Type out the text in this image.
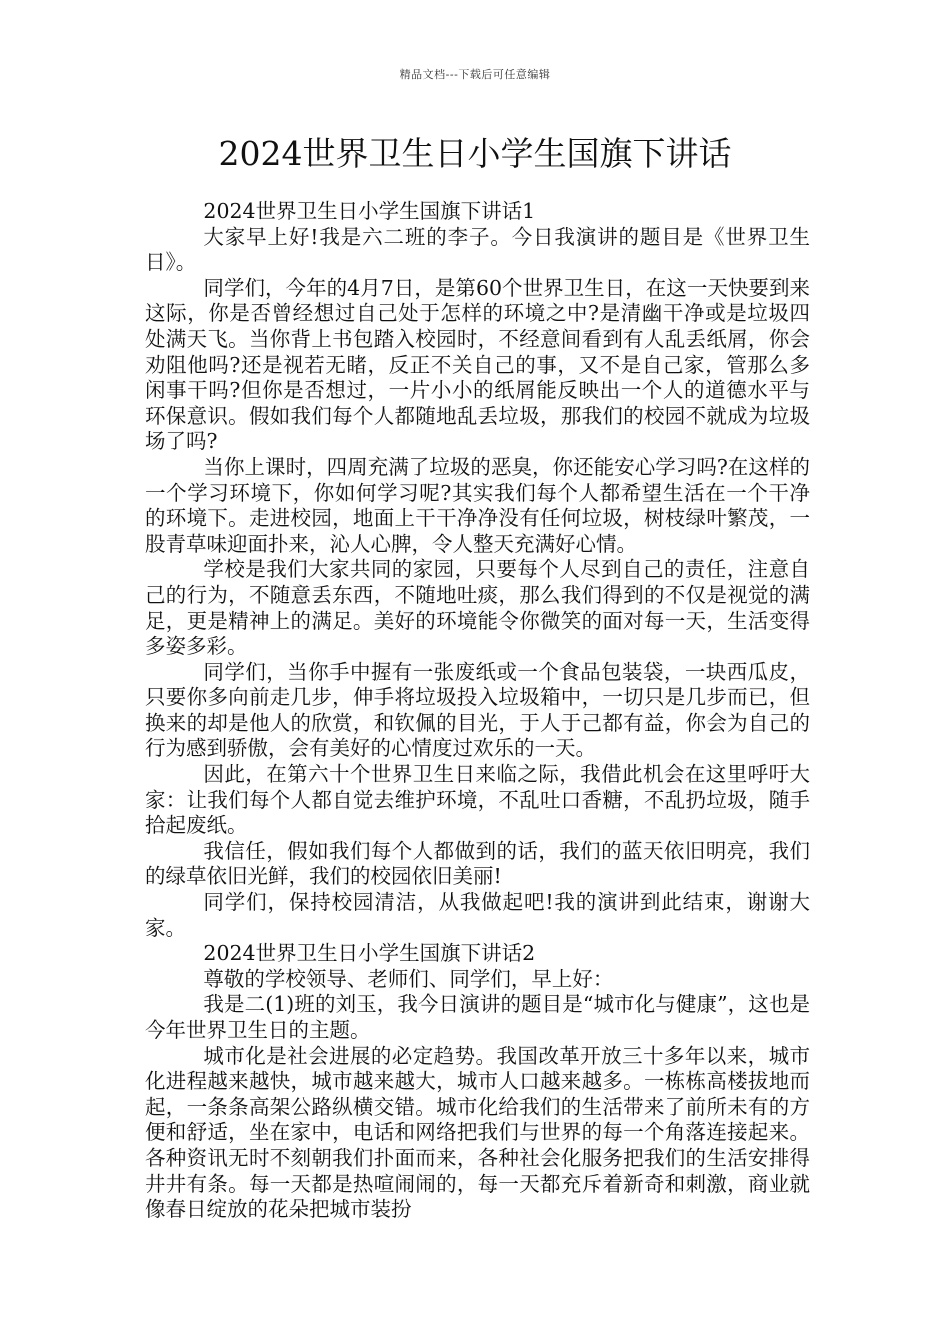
精品文档---下载后可任意编辑
2024世界卫生日小学生国旗下讲话

2024世界卫生日小学生国旗下讲话1

大家早上好!我是六二班的李子。今日我演讲的题目是《世界卫生日》。

同学们，今年的4月7日，是第60个世界卫生日，在这一天快要到来这际，你是否曾经想过自己处于怎样的环境之中?是清幽干净或是垃圾四处满天飞。当你背上书包踏入校园时，不经意间看到有人乱丢纸屑，你会劝阻他吗?还是视若无睹，反正不关自己的事，又不是自己家，管那么多闲事干吗?但你是否想过，一片小小的纸屑能反映出一个人的道德水平与环保意识。假如我们每个人都随地乱丢垃圾，那我们的校园不就成为垃圾场了吗?

当你上课时，四周充满了垃圾的恶臭，你还能安心学习吗?在这样的一个学习环境下，你如何学习呢?其实我们每个人都希望生活在一个干净的环境下。走进校园，地面上干干净净没有任何垃圾，树枝绿叶繁茂，一股青草味迎面扑来，沁人心脾，令人整天充满好心情。

学校是我们大家共同的家园，只要每个人尽到自己的责任，注意自己的行为，不随意丢东西，不随地吐痰，那么我们得到的不仅是视觉的满足，更是精神上的满足。美好的环境能令你微笑的面对每一天，生活变得多姿多彩。

同学们，当你手中握有一张废纸或一个食品包装袋，一块西瓜皮，只要你多向前走几步，伸手将垃圾投入垃圾箱中，一切只是几步而已，但换来的却是他人的欣赏，和钦佩的目光，于人于己都有益，你会为自己的行为感到骄傲，会有美好的心情度过欢乐的一天。

因此，在第六十个世界卫生日来临之际，我借此机会在这里呼吁大家：让我们每个人都自觉去维护环境，不乱吐口香糖，不乱扔垃圾，随手拾起废纸。

我信任，假如我们每个人都做到的话，我们的蓝天依旧明亮，我们的绿草依旧光鲜，我们的校园依旧美丽!

同学们，保持校园清洁，从我做起吧!我的演讲到此结束，谢谢大家。

2024世界卫生日小学生国旗下讲话2

尊敬的学校领导、老师们、同学们，早上好：

我是二(1)班的刘玉，我今日演讲的题目是“城市化与健康”，这也是今年世界卫生日的主题。

城市化是社会进展的必定趋势。我国改革开放三十多年以来，城市化进程越来越快，城市越来越大，城市人口越来越多。一栋栋高楼拔地而起，一条条高架公路纵横交错。城市化给我们的生活带来了前所未有的方便和舒适，坐在家中，电话和网络把我们与世界的每一个角落连接起来。各种资讯无时不刻朝我们扑面而来，各种社会化服务把我们的生活安排得井井有条。每一天都是热喧闹闹的，每一天都充斥着新奇和刺激，商业就像春日绽放的花朵把城市装扮
